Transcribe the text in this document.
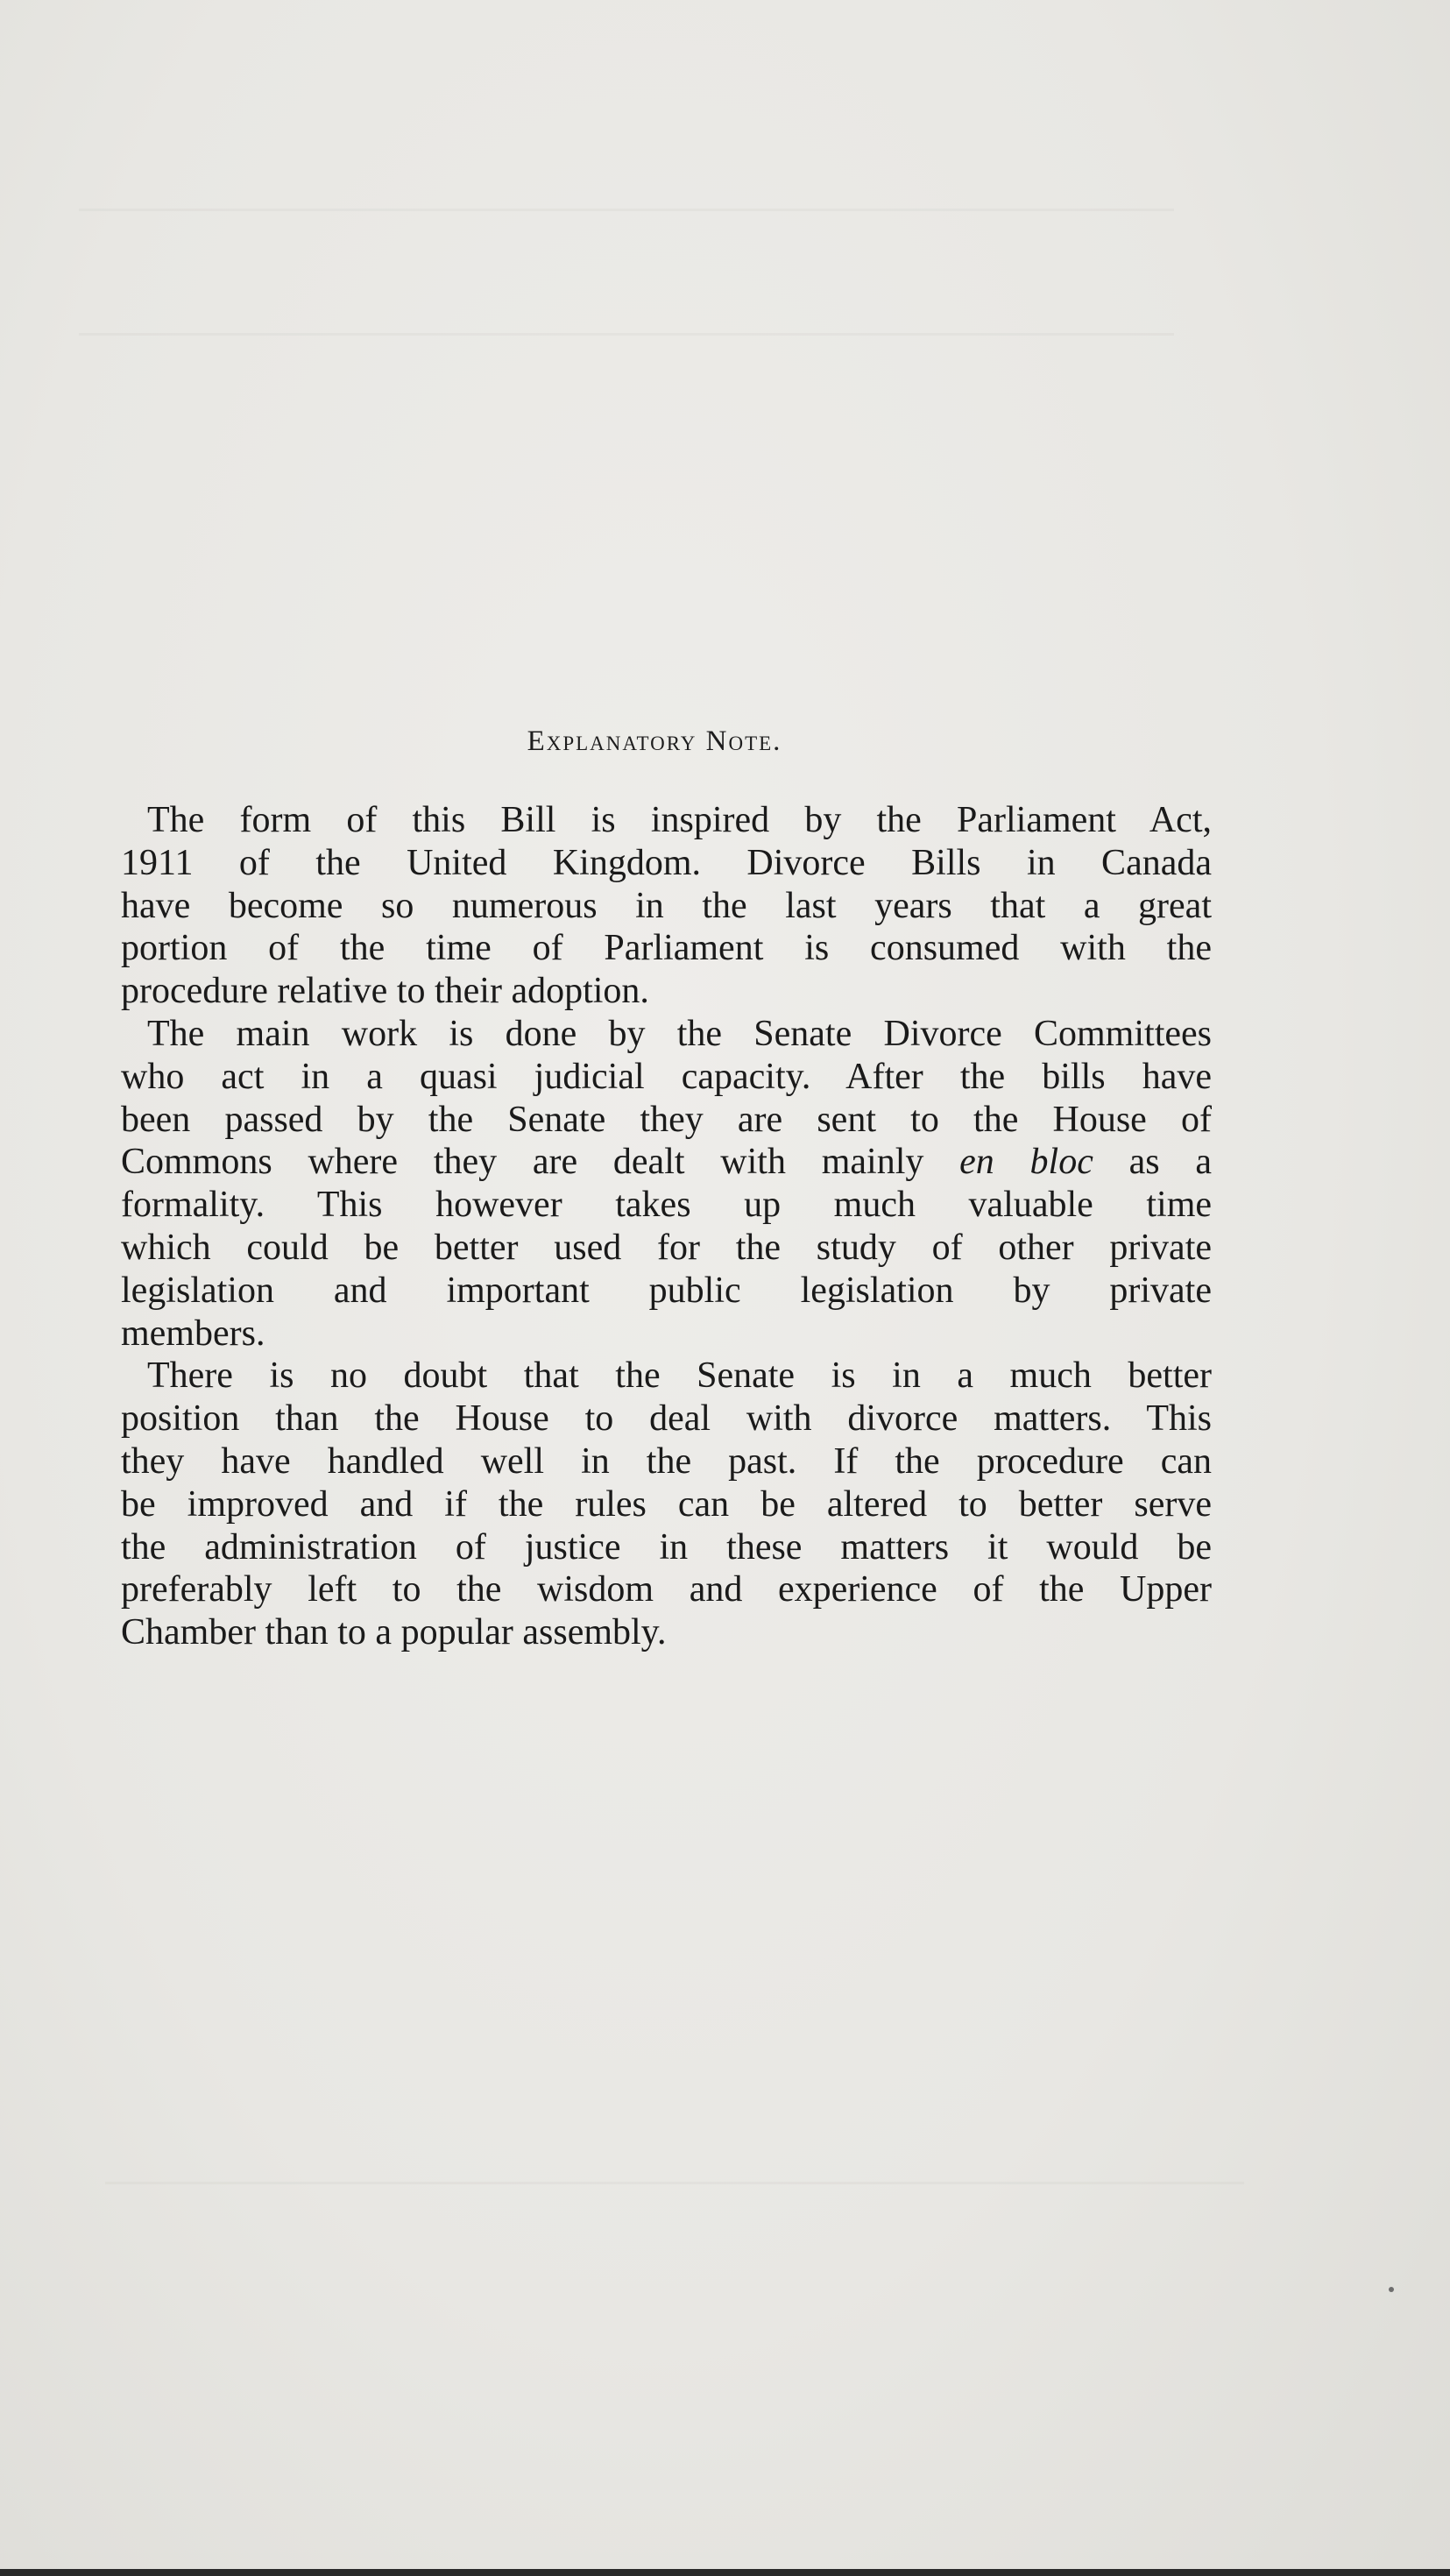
Explanatory Note.

The form of this Bill is inspired by the Parliament Act,
1911 of the United Kingdom. Divorce Bills in Canada
have become so numerous in the last years that a great
portion of the time of Parliament is consumed with the
procedure relative to their adoption.

The main work is done by the Senate Divorce Committees
who act in a quasi judicial capacity. After the bills have
been passed by the Senate they are sent to the House of
Commons where they are dealt with mainly en bloc as a
formality. This however takes up much valuable time
which could be better used for the study of other private
legislation and important public legislation by private
members.

There is no doubt that the Senate is in a much better
position than the House to deal with divorce matters. This
they have handled well in the past. If the procedure can
be improved and if the rules can be altered to better serve
the administration of justice in these matters it would be
preferably left to the wisdom and experience of the Upper
Chamber than to a popular assembly.
